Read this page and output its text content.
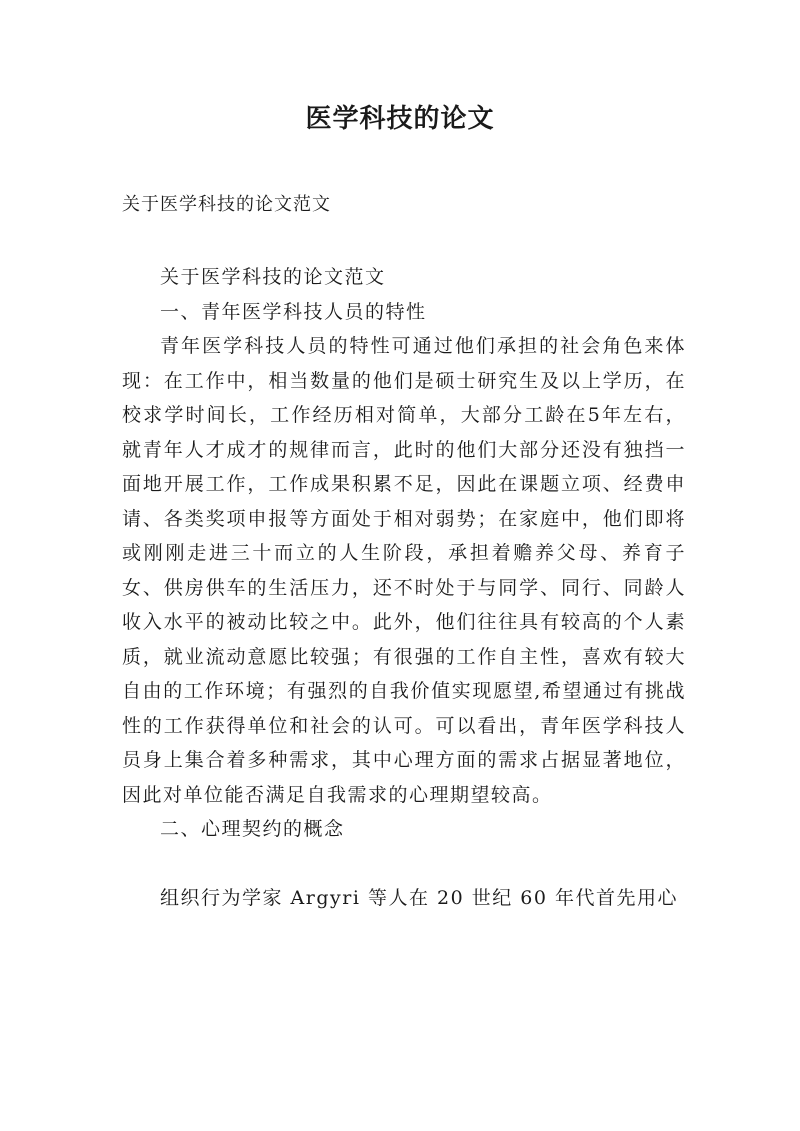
医学科技的论文
关于医学科技的论文范文

关于医学科技的论文范文

一、青年医学科技人员的特性

青年医学科技人员的特性可通过他们承担的社会角色来体现：在工作中，相当数量的他们是硕士研究生及以上学历，在校求学时间长，工作经历相对简单，大部分工龄在5年左右，就青年人才成才的规律而言，此时的他们大部分还没有独挡一面地开展工作，工作成果积累不足，因此在课题立项、经费申请、各类奖项申报等方面处于相对弱势；在家庭中，他们即将或刚刚走进三十而立的人生阶段，承担着赡养父母、养育子女、供房供车的生活压力，还不时处于与同学、同行、同龄人收入水平的被动比较之中。此外，他们往往具有较高的个人素质，就业流动意愿比较强；有很强的工作自主性，喜欢有较大自由的工作环境；有强烈的自我价值实现愿望,希望通过有挑战性的工作获得单位和社会的认可。可以看出，青年医学科技人员身上集合着多种需求，其中心理方面的需求占据显著地位，因此对单位能否满足自我需求的心理期望较高。

二、心理契约的概念

组织行为学家 Argyri 等人在 20 世纪 60 年代首先用心
